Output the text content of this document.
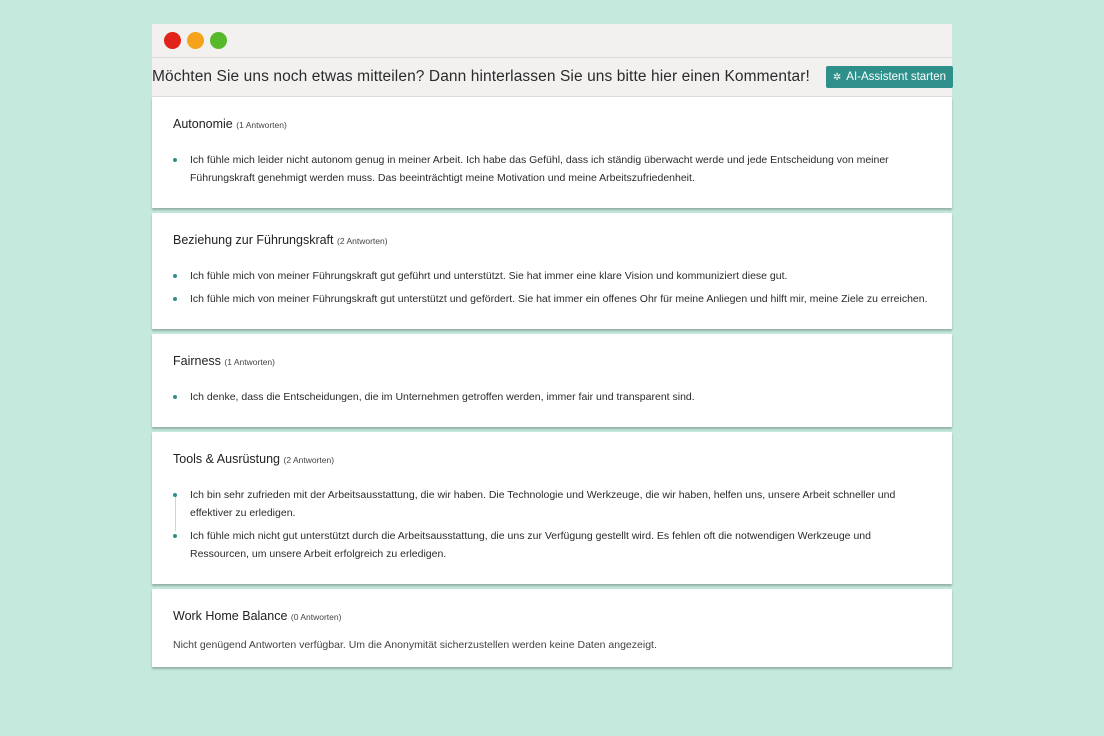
Möchten Sie uns noch etwas mitteilen? Dann hinterlassen Sie uns bitte hier einen Kommentar! ✲ AI-Assistent starten
Autonomie (1 Antworten)
Ich fühle mich leider nicht autonom genug in meiner Arbeit. Ich habe das Gefühl, dass ich ständig überwacht werde und jede Entscheidung von meiner Führungskraft genehmigt werden muss. Das beeinträchtigt meine Motivation und meine Arbeitszufriedenheit.
Beziehung zur Führungskraft (2 Antworten)
Ich fühle mich von meiner Führungskraft gut geführt und unterstützt. Sie hat immer eine klare Vision und kommuniziert diese gut.
Ich fühle mich von meiner Führungskraft gut unterstützt und gefördert. Sie hat immer ein offenes Ohr für meine Anliegen und hilft mir, meine Ziele zu erreichen.
Fairness (1 Antworten)
Ich denke, dass die Entscheidungen, die im Unternehmen getroffen werden, immer fair und transparent sind.
Tools & Ausrüstung (2 Antworten)
Ich bin sehr zufrieden mit der Arbeitsausstattung, die wir haben. Die Technologie und Werkzeuge, die wir haben, helfen uns, unsere Arbeit schneller und effektiver zu erledigen.
Ich fühle mich nicht gut unterstützt durch die Arbeitsausstattung, die uns zur Verfügung gestellt wird. Es fehlen oft die notwendigen Werkzeuge und Ressourcen, um unsere Arbeit erfolgreich zu erledigen.
Work Home Balance (0 Antworten)
Nicht genügend Antworten verfügbar. Um die Anonymität sicherzustellen werden keine Daten angezeigt.
